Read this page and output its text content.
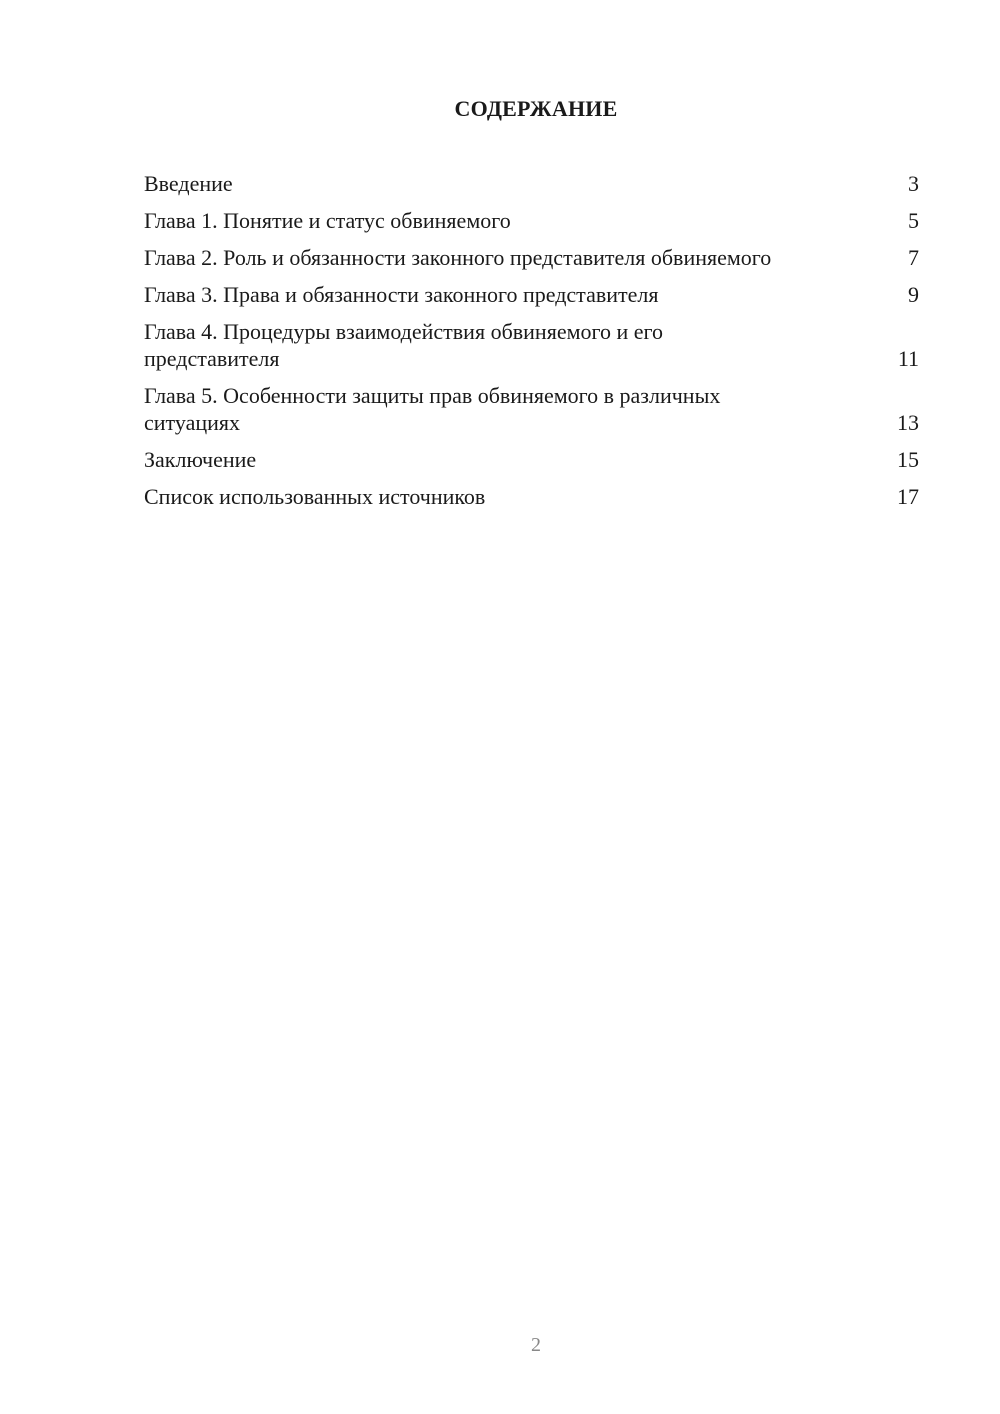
СОДЕРЖАНИЕ
Введение	3
Глава 1. Понятие и статус обвиняемого	5
Глава 2. Роль и обязанности законного представителя обвиняемого	7
Глава 3. Права и обязанности законного представителя	9
Глава 4. Процедуры взаимодействия обвиняемого и его представителя	11
Глава 5. Особенности защиты прав обвиняемого в различных ситуациях	13
Заключение	15
Список использованных источников	17
2
